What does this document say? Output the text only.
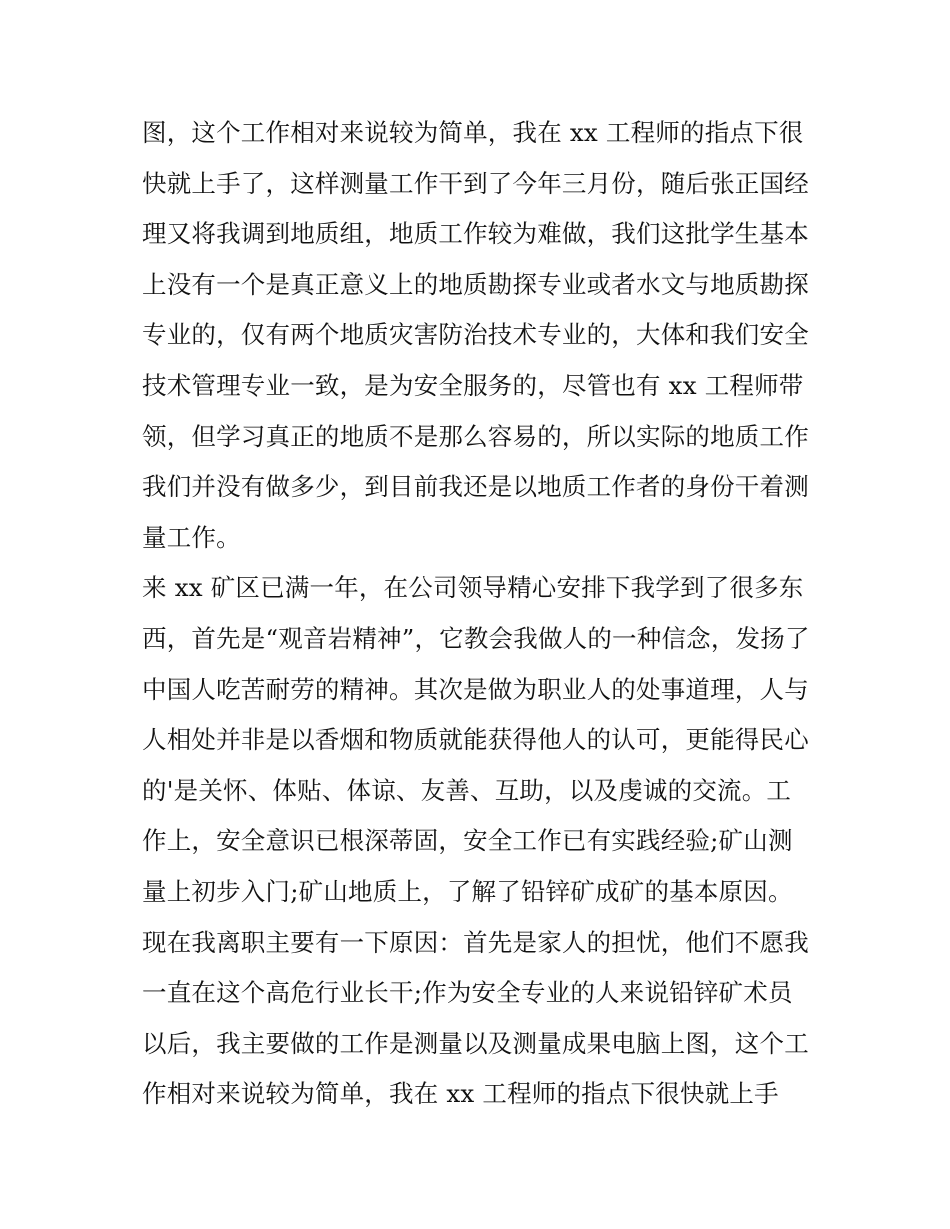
图，这个工作相对来说较为简单，我在 xx 工程师的指点下很
快就上手了，这样测量工作干到了今年三月份，随后张正国经
理又将我调到地质组，地质工作较为难做，我们这批学生基本
上没有一个是真正意义上的地质勘探专业或者水文与地质勘探
专业的，仅有两个地质灾害防治技术专业的，大体和我们安全
技术管理专业一致，是为安全服务的，尽管也有 xx 工程师带
领，但学习真正的地质不是那么容易的，所以实际的地质工作
我们并没有做多少，到目前我还是以地质工作者的身份干着测
量工作。
来 xx 矿区已满一年，在公司领导精心安排下我学到了很多东
西，首先是“观音岩精神”，它教会我做人的一种信念，发扬了
中国人吃苦耐劳的精神。其次是做为职业人的处事道理，人与
人相处并非是以香烟和物质就能获得他人的认可，更能得民心
的'是关怀、体贴、体谅、友善、互助，以及虔诚的交流。工
作上，安全意识已根深蒂固，安全工作已有实践经验;矿山测
量上初步入门;矿山地质上，了解了铅锌矿成矿的基本原因。
现在我离职主要有一下原因：首先是家人的担忧，他们不愿我
一直在这个高危行业长干;作为安全专业的人来说铅锌矿术员
以后，我主要做的工作是测量以及测量成果电脑上图，这个工
作相对来说较为简单，我在 xx 工程师的指点下很快就上手
